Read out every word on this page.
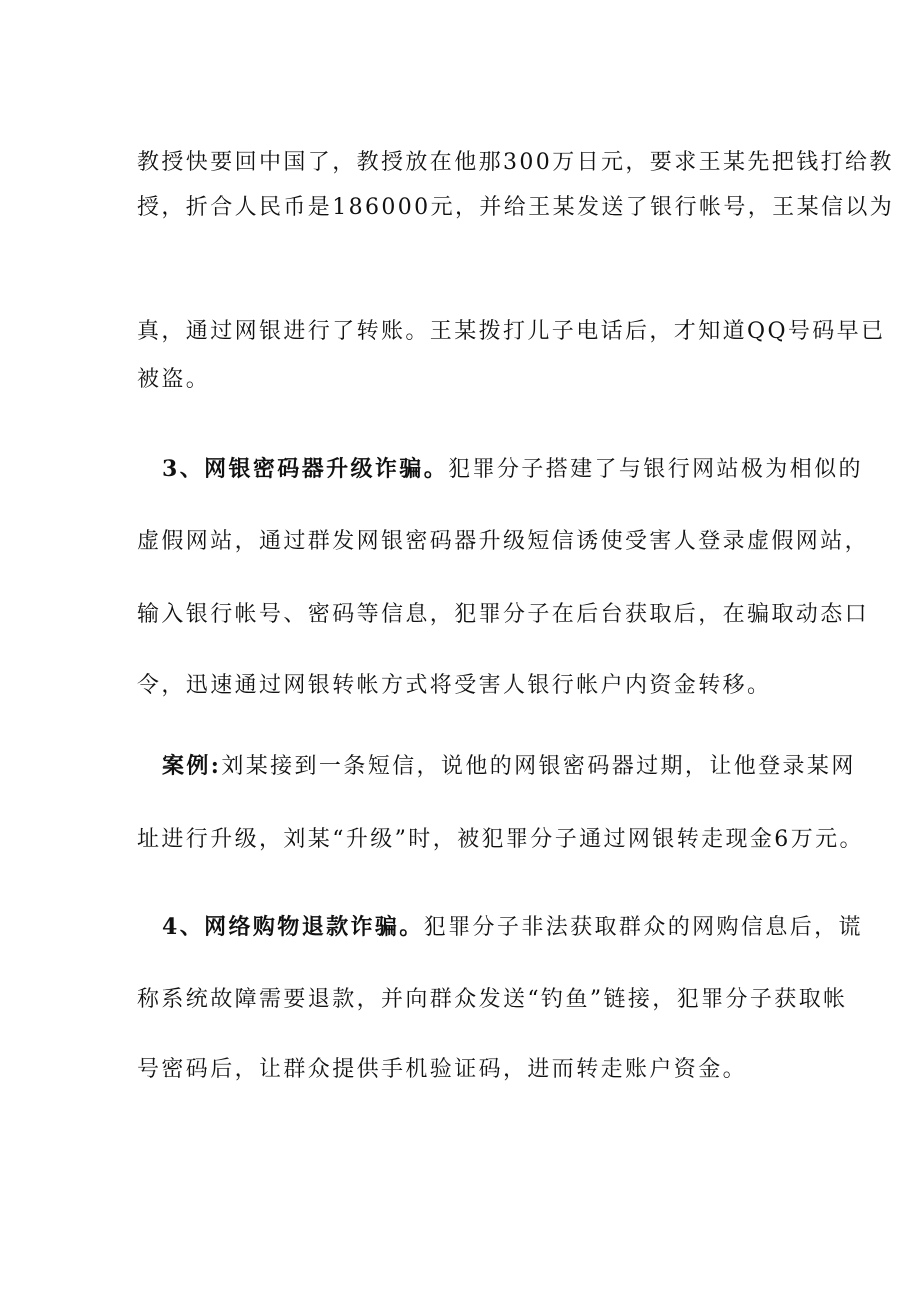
教授快要回中国了，教授放在他那300万日元，要求王某先把钱打给教
授，折合人民币是186000元，并给王某发送了银行帐号，王某信以为
真，通过网银进行了转账。王某拨打儿子电话后，才知道QQ号码早已
被盗。
3、网银密码器升级诈骗。犯罪分子搭建了与银行网站极为相似的
虚假网站，通过群发网银密码器升级短信诱使受害人登录虚假网站，
输入银行帐号、密码等信息，犯罪分子在后台获取后，在骗取动态口
令，迅速通过网银转帐方式将受害人银行帐户内资金转移。
案例:刘某接到一条短信，说他的网银密码器过期，让他登录某网
址进行升级，刘某“升级”时，被犯罪分子通过网银转走现金6万元。
4、网络购物退款诈骗。犯罪分子非法获取群众的网购信息后，谎
称系统故障需要退款，并向群众发送“钓鱼”链接，犯罪分子获取帐
号密码后，让群众提供手机验证码，进而转走账户资金。
